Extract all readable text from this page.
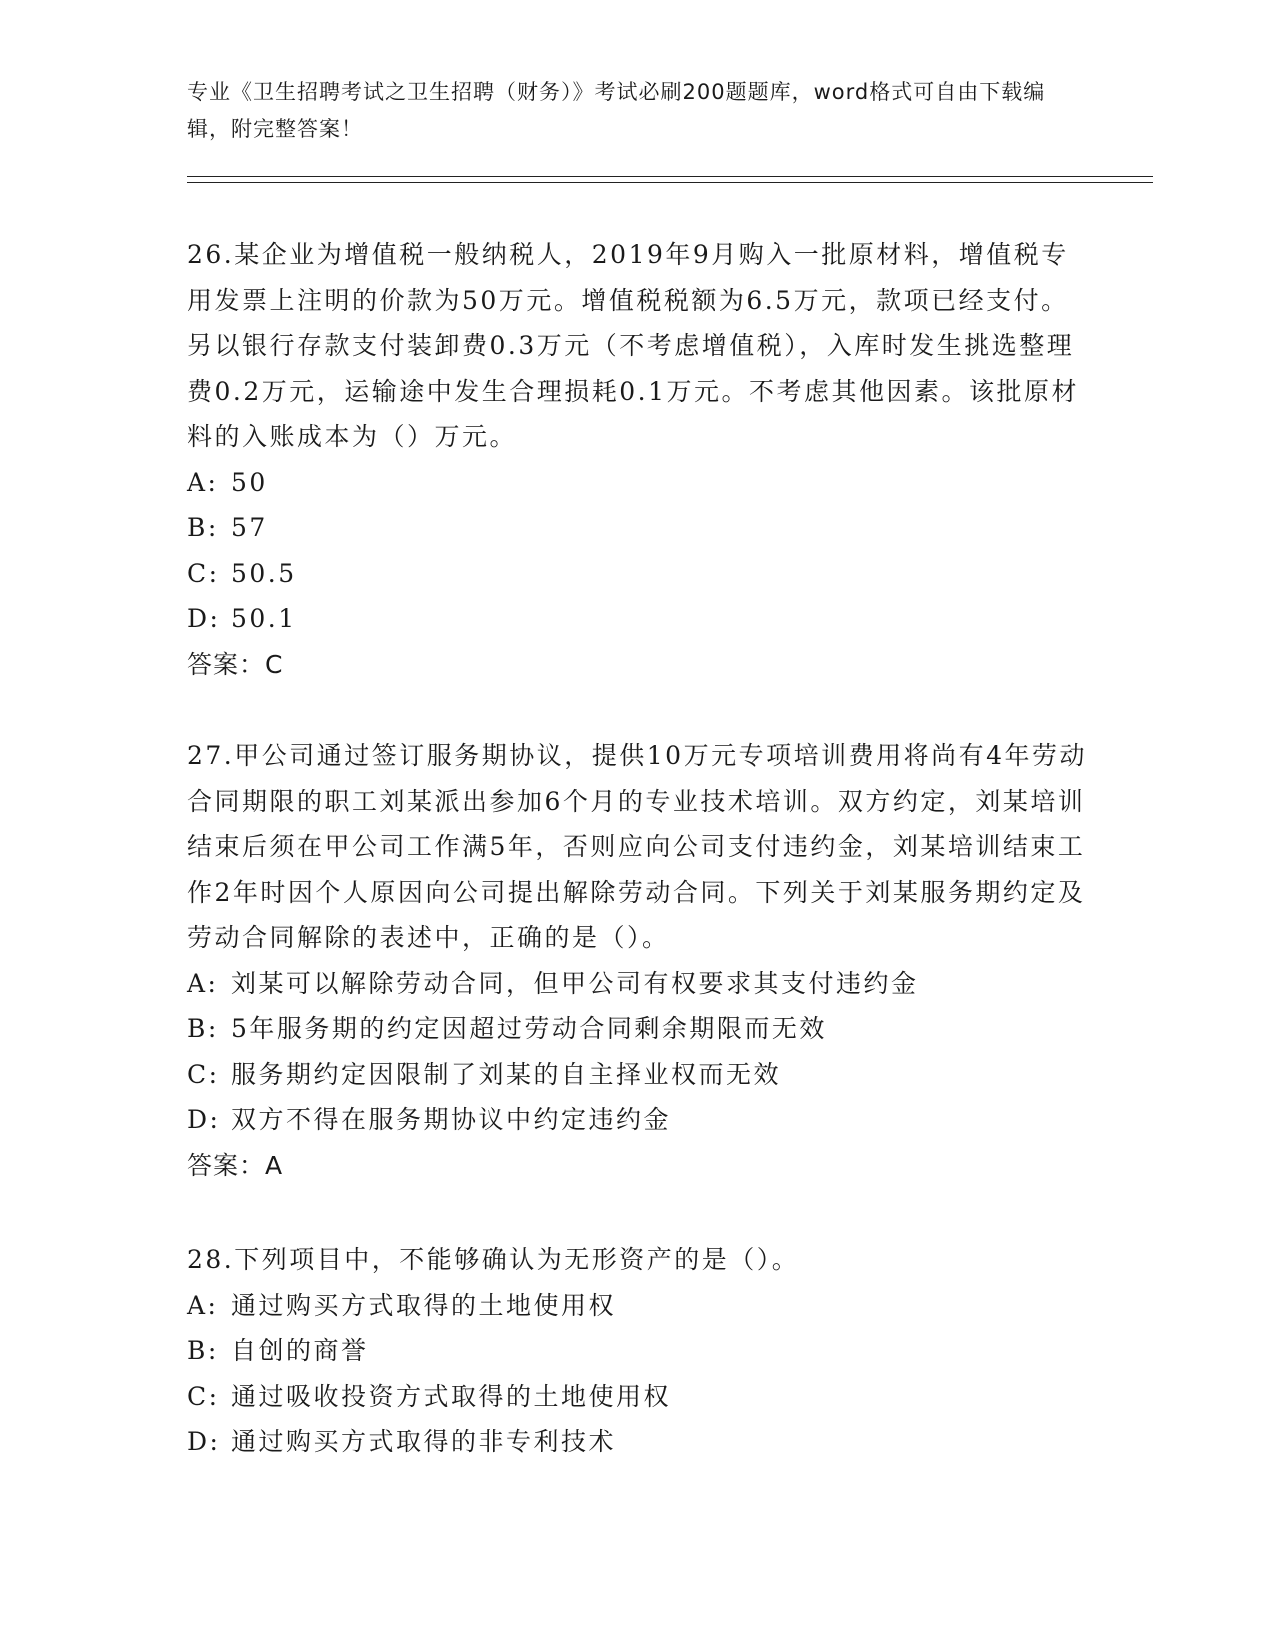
专业《卫生招聘考试之卫生招聘（财务）》考试必刷200题题库，word格式可自由下载编辑，附完整答案！

26.某企业为增值税一般纳税人，2019年9月购入一批原材料，增值税专用发票上注明的价款为50万元。增值税税额为6.5万元，款项已经支付。另以银行存款支付装卸费0.3万元（不考虑增值税），入库时发生挑选整理费0.2万元，运输途中发生合理损耗0.1万元。不考虑其他因素。该批原材料的入账成本为（）万元。

A: 50
B: 57
C: 50.5
D: 50.1
答案：C

27.甲公司通过签订服务期协议，提供10万元专项培训费用将尚有4年劳动合同期限的职工刘某派出参加6个月的专业技术培训。双方约定，刘某培训结束后须在甲公司工作满5年，否则应向公司支付违约金，刘某培训结束工作2年时因个人原因向公司提出解除劳动合同。下列关于刘某服务期约定及劳动合同解除的表述中，正确的是（）。

A: 刘某可以解除劳动合同，但甲公司有权要求其支付违约金
B: 5年服务期的约定因超过劳动合同剩余期限而无效
C: 服务期约定因限制了刘某的自主择业权而无效
D: 双方不得在服务期协议中约定违约金
答案：A

28.下列项目中，不能够确认为无形资产的是（）。

A: 通过购买方式取得的土地使用权
B: 自创的商誉
C: 通过吸收投资方式取得的土地使用权
D: 通过购买方式取得的非专利技术
